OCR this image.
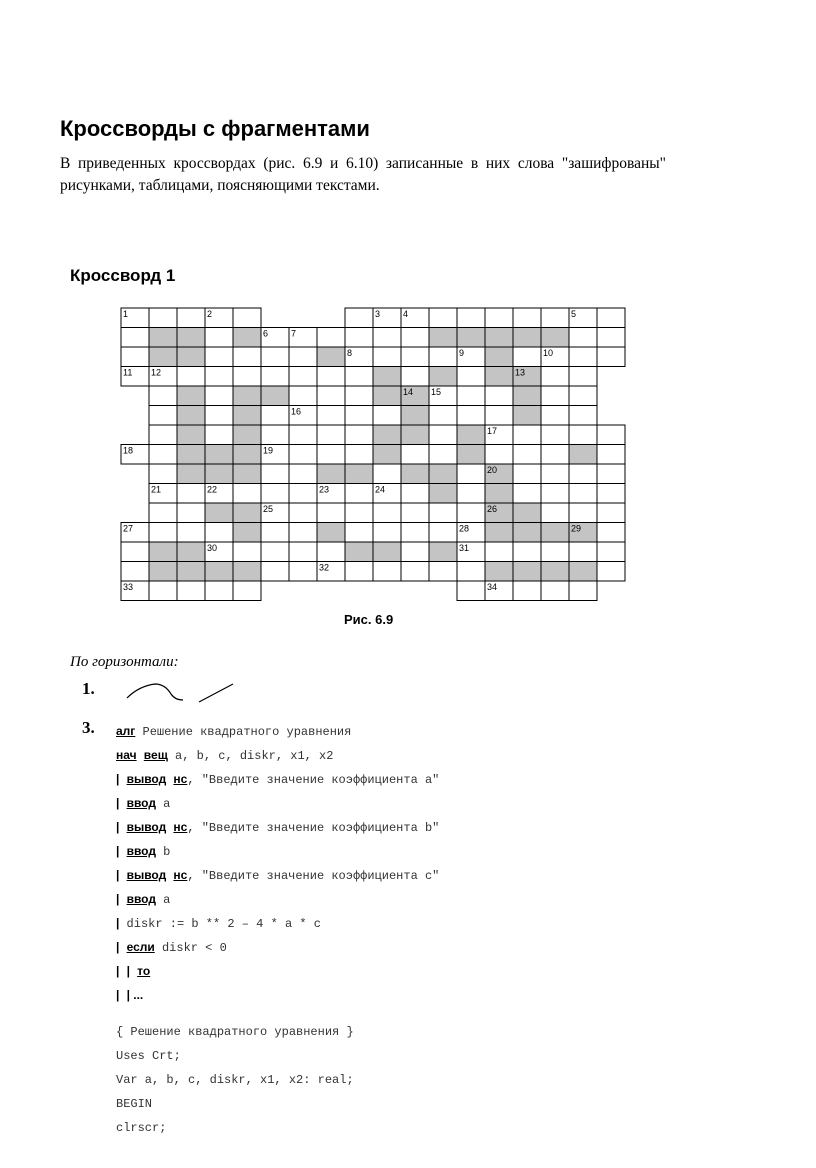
Кроссворды с фрагментами
В приведенных кроссвордах (рис. 6.9 и 6.10) записанные в них слова "зашифрованы" рисунками, таблицами, поясняющими текстами.
Кроссворд 1
1	2	3	4	5
6	7
8	9	10
11 12	13
14 15
16
17
18	19
20
21	22	23	24
25	26
27	28	29
30	31
32
33	34
Рис. 6.9
По горизонтали:
1.
3. алг Решение квадратного уравнения
нач вещ a, b, c, diskr, x1, x2
| вывод нс, "Введите значение коэффициента a"
| ввод a
| вывод нс, "Введите значение коэффициента b"
| ввод b
| вывод нс, "Введите значение коэффициента c"
| ввод a
| diskr := b ** 2 – 4 * a * c
| если diskr < 0
| | то
| | ...
{ Решение квадратного уравнения }
Uses Crt;
Var a, b, c, diskr, x1, x2: real;
BEGIN
clrscr;
